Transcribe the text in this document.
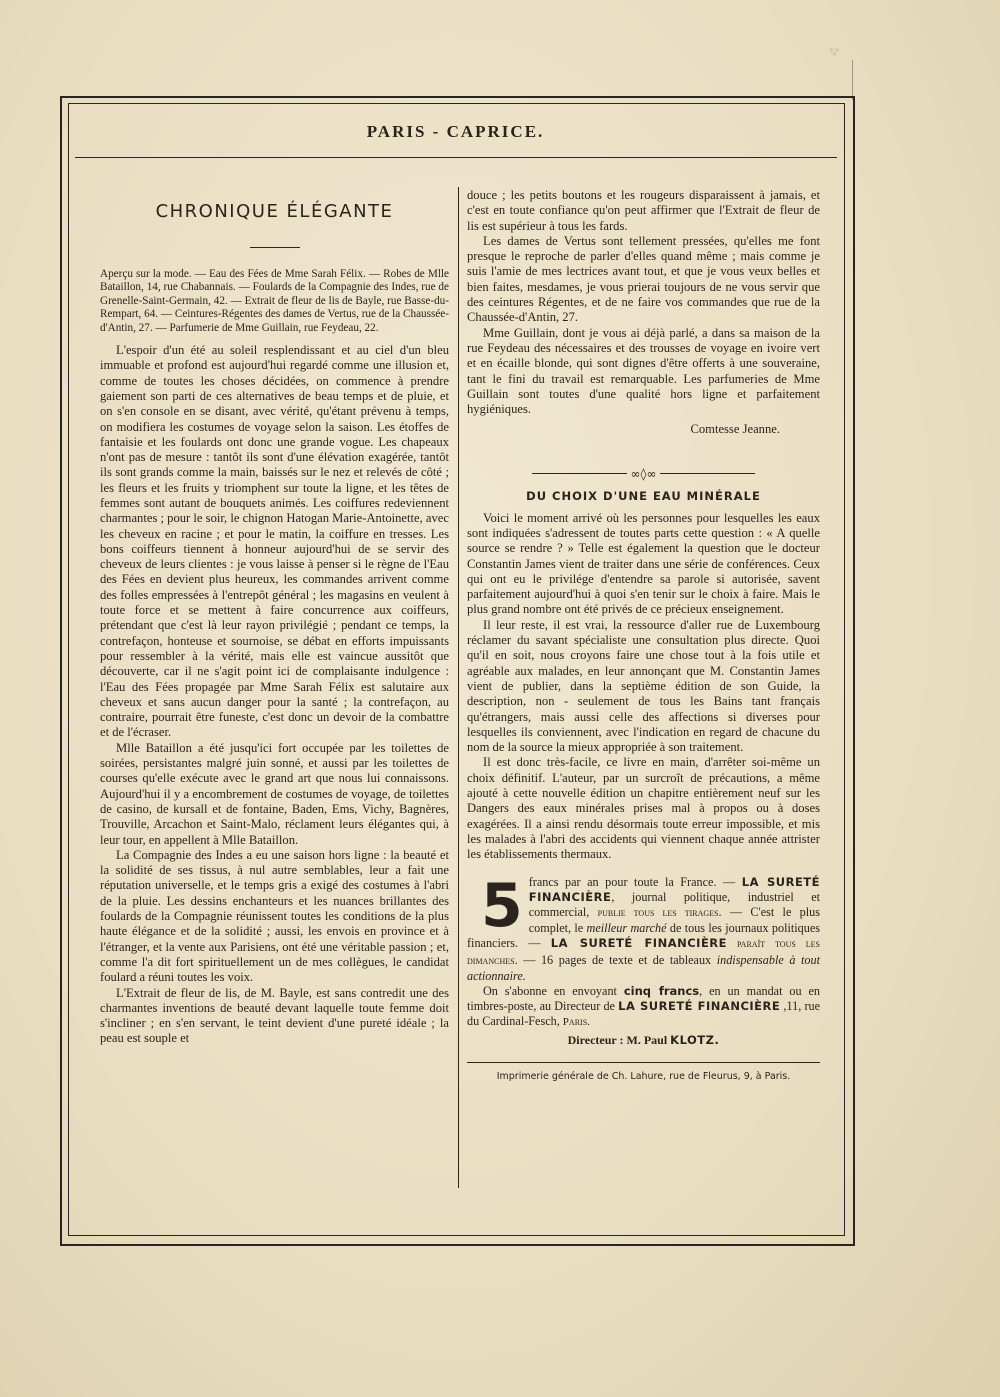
⁂
PARIS - CAPRICE.
CHRONIQUE ÉLÉGANTE
Aperçu sur la mode. — Eau des Fées de Mme Sarah Félix. — Robes de Mlle Bataillon, 14, rue Chabannais. — Foulards de la Compagnie des Indes, rue de Grenelle-Saint-Germain, 42. — Extrait de fleur de lis de Bayle, rue Basse-du-Rempart, 64. — Ceintures-Régentes des dames de Vertus, rue de la Chaussée-d'Antin, 27. — Parfumerie de Mme Guillain, rue Feydeau, 22.

L'espoir d'un été au soleil resplendissant et au ciel d'un bleu immuable et profond est aujourd'hui regardé comme une illusion et, comme de toutes les choses décidées, on commence à prendre gaiement son parti de ces alternatives de beau temps et de pluie, et on s'en console en se disant, avec vérité, qu'étant prévenu à temps, on modifiera les costumes de voyage selon la saison. Les étoffes de fantaisie et les foulards ont donc une grande vogue. Les chapeaux n'ont pas de mesure : tantôt ils sont d'une élévation exagérée, tantôt ils sont grands comme la main, baissés sur le nez et relevés de côté ; les fleurs et les fruits y triomphent sur toute la ligne, et les têtes de femmes sont autant de bouquets animés. Les coiffures redeviennent charmantes ; pour le soir, le chignon Hatogan Marie-Antoinette, avec les cheveux en racine ; et pour le matin, la coiffure en tresses. Les bons coiffeurs tiennent à honneur aujourd'hui de se servir des cheveux de leurs clientes : je vous laisse à penser si le règne de l'Eau des Fées en devient plus heureux, les commandes arrivent comme des folles empressées à l'entrepôt général ; les magasins en veulent à toute force et se mettent à faire concurrence aux coiffeurs, prétendant que c'est là leur rayon privilégié ; pendant ce temps, la contrefaçon, honteuse et sournoise, se débat en efforts impuissants pour ressembler à la vérité, mais elle est vaincue aussitôt que découverte, car il ne s'agit point ici de complaisante indulgence : l'Eau des Fées propagée par Mme Sarah Félix est salutaire aux cheveux et sans aucun danger pour la santé ; la contrefaçon, au contraire, pourrait être funeste, c'est donc un devoir de la combattre et de l'écraser.

Mlle Bataillon a été jusqu'ici fort occupée par les toilettes de soirées, persistantes malgré juin sonné, et aussi par les toilettes de courses qu'elle exécute avec le grand art que nous lui connaissons. Aujourd'hui il y a encombrement de costumes de voyage, de toilettes de casino, de kursall et de fontaine, Baden, Ems, Vichy, Bagnères, Trouville, Arcachon et Saint-Malo, réclament leurs élégantes qui, à leur tour, en appellent à Mlle Bataillon.

La Compagnie des Indes a eu une saison hors ligne : la beauté et la solidité de ses tissus, à nul autre semblables, leur a fait une réputation universelle, et le temps gris a exigé des costumes à l'abri de la pluie. Les dessins enchanteurs et les nuances brillantes des foulards de la Compagnie réunissent toutes les conditions de la plus haute élégance et de la solidité ; aussi, les envois en province et à l'étranger, et la vente aux Parisiens, ont été une véritable passion ; et, comme l'a dit fort spirituellement un de mes collègues, le candidat foulard a réuni toutes les voix.

L'Extrait de fleur de lis, de M. Bayle, est sans contredit une des charmantes inventions de beauté devant laquelle toute femme doit s'incliner ; en s'en servant, le teint devient d'une pureté idéale ; la peau est souple et

douce ; les petits boutons et les rougeurs disparaissent à jamais, et c'est en toute confiance qu'on peut affirmer que l'Extrait de fleur de lis est supérieur à tous les fards.

Les dames de Vertus sont tellement pressées, qu'elles me font presque le reproche de parler d'elles quand même ; mais comme je suis l'amie de mes lectrices avant tout, et que je vous veux belles et bien faites, mesdames, je vous prierai toujours de ne vous servir que des ceintures Régentes, et de ne faire vos commandes que rue de la Chaussée-d'Antin, 27.

Mme Guillain, dont je vous ai déjà parlé, a dans sa maison de la rue Feydeau des nécessaires et des trousses de voyage en ivoire vert et en écaille blonde, qui sont dignes d'être offerts à une souveraine, tant le fini du travail est remarquable. Les parfumeries de Mme Guillain sont toutes d'une qualité hors ligne et parfaitement hygiéniques.

Comtesse Jeanne.
∞◊∞
DU CHOIX D'UNE EAU MINÉRALE

Voici le moment arrivé où les personnes pour lesquelles les eaux sont indiquées s'adressent de toutes parts cette question : « A quelle source se rendre ? » Telle est également la question que le docteur Constantin James vient de traiter dans une série de conférences. Ceux qui ont eu le privilége d'entendre sa parole si autorisée, savent parfaitement aujourd'hui à quoi s'en tenir sur le choix à faire. Mais le plus grand nombre ont été privés de ce précieux enseignement.

Il leur reste, il est vrai, la ressource d'aller rue de Luxembourg réclamer du savant spécialiste une consultation plus directe. Quoi qu'il en soit, nous croyons faire une chose tout à la fois utile et agréable aux malades, en leur annonçant que M. Constantin James vient de publier, dans la septième édition de son Guide, la description, non - seulement de tous les Bains tant français qu'étrangers, mais aussi celle des affections si diverses pour lesquelles ils conviennent, avec l'indication en regard de chacune du nom de la source la mieux appropriée à son traitement.

Il est donc très-facile, ce livre en main, d'arrêter soi-même un choix définitif. L'auteur, par un surcroît de précautions, a même ajouté à cette nouvelle édition un chapitre entièrement neuf sur les Dangers des eaux minérales prises mal à propos ou à doses exagérées. Il a ainsi rendu désormais toute erreur impossible, et mis les malades à l'abri des accidents qui viennent chaque année attrister les établissements thermaux.

5 francs par an pour toute la France. — LA SURETÉ FINANCIÈRE, journal politique, industriel et commercial, publie tous les tirages. — C'est le plus complet, le meilleur marché de tous les journaux politiques financiers. — LA SURETÉ FINANCIÈRE paraît tous les dimanches. — 16 pages de texte et de tableaux indispensable à tout actionnaire.

On s'abonne en envoyant cinq francs, en un mandat ou en timbres-poste, au Directeur de LA SURETÉ FINANCIÈRE ,11, rue du Cardinal-Fesch, Paris.

Directeur : M. Paul KLOTZ.
Imprimerie générale de Ch. Lahure, rue de Fleurus, 9, à Paris.
